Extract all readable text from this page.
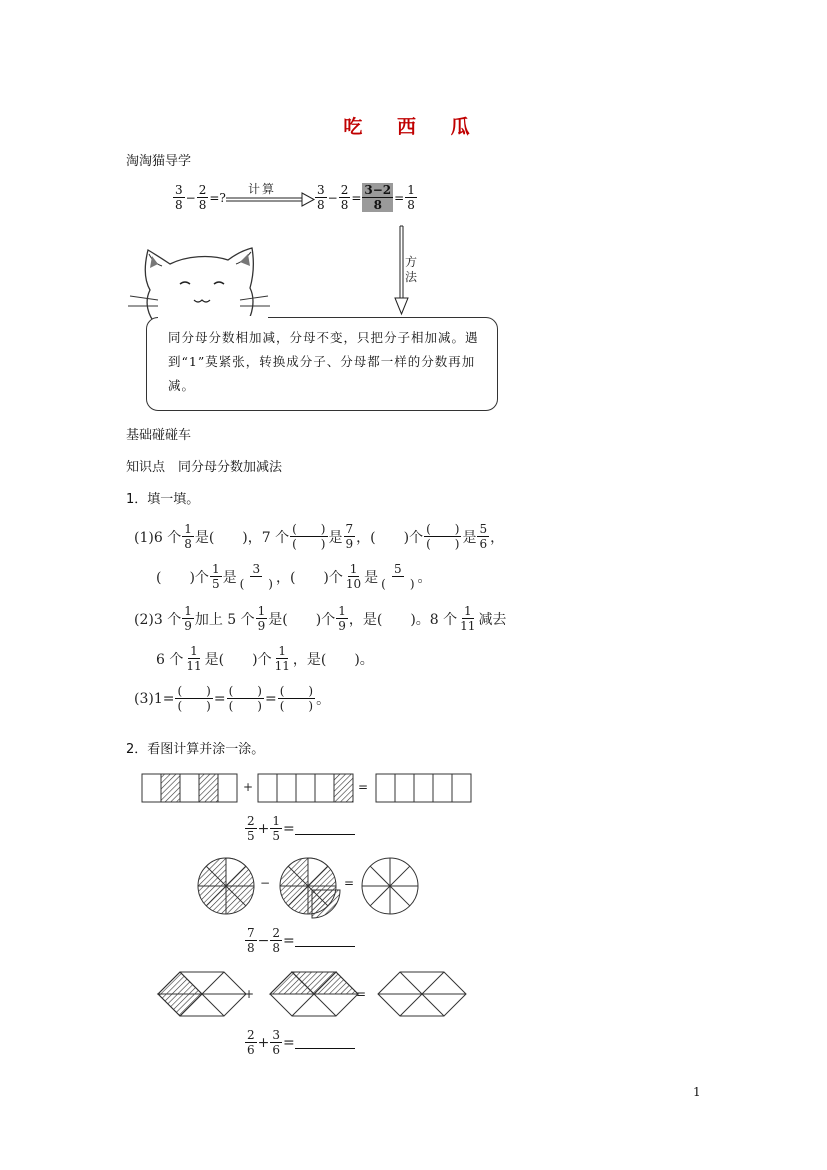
吃 西 瓜
淘淘猫导学
$\frac{3}{8} - \frac{2}{8}$ =?
计算	$\frac{3}{8} - \frac{2}{8} = \frac{3-2}{8} = \frac{1}{8}$
方法
同分母分数相加减，分母不变，只把分子相加减。遇到“1”莫紧张，转换成分子、分母都一样的分数再加减。
基础碰碰车
知识点　同分母分数加减法
1．填一填。
(1)6 个 $\frac{1}{8}$ 是(　　)，7 个 $\frac{( )}{( )}$ 是 $\frac{7}{9}$ ，(　　)个 $\frac{( )}{( )}$ 是 $\frac{5}{6}$ ，
(　　)个 $\frac{1}{5}$ 是 $\frac{3}{( )}$ ，(　　)个 $\frac{1}{10}$ 是 $\frac{5}{( )}$ 。
(2)3 个 $\frac{1}{9}$ 加上 5 个 $\frac{1}{9}$ 是(　　)个 $\frac{1}{9}$ ，是(　　)。8 个 $\frac{1}{11}$ 减去
6 个 $\frac{1}{11}$ 是(　　)个 $\frac{1}{11}$ ，是(　　)。
$(3)1= \frac{( )}{( )} = \frac{( )}{( )} = \frac{( )}{( )}$ 。
2．看图计算并涂一涂。
+	=
$\frac{2}{5} + \frac{1}{5}$ =
−	=
$\frac{7}{8} - \frac{2}{8}$ =
+	=
$\frac{2}{6} + \frac{3}{6}$ =
1
